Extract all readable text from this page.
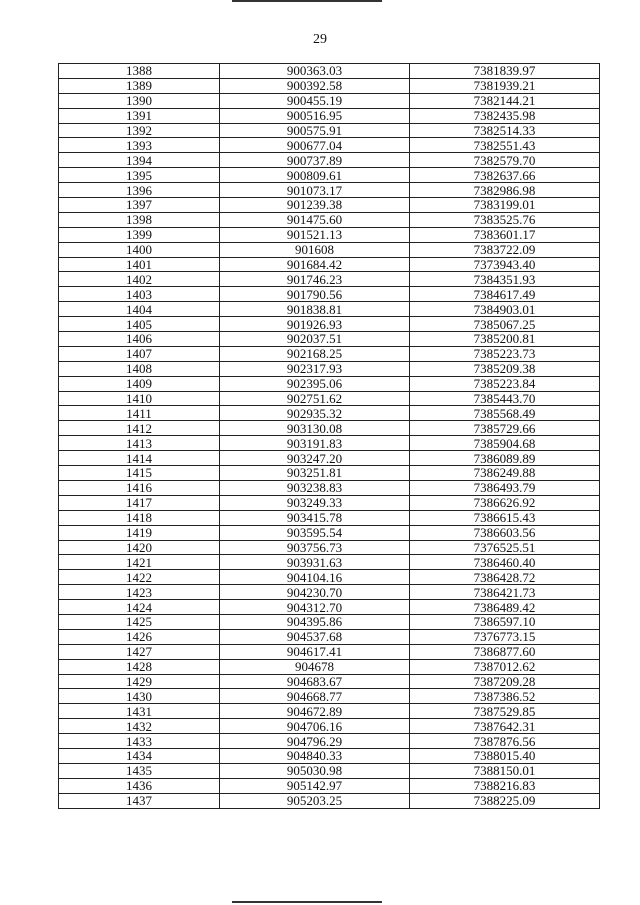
29
1388	900363.03	7381839.97
1389	900392.58	7381939.21
1390	900455.19	7382144.21
1391	900516.95	7382435.98
1392	900575.91	7382514.33
1393	900677.04	7382551.43
1394	900737.89	7382579.70
1395	900809.61	7382637.66
1396	901073.17	7382986.98
1397	901239.38	7383199.01
1398	901475.60	7383525.76
1399	901521.13	7383601.17
1400	901608	7383722.09
1401	901684.42	7373943.40
1402	901746.23	7384351.93
1403	901790.56	7384617.49
1404	901838.81	7384903.01
1405	901926.93	7385067.25
1406	902037.51	7385200.81
1407	902168.25	7385223.73
1408	902317.93	7385209.38
1409	902395.06	7385223.84
1410	902751.62	7385443.70
1411	902935.32	7385568.49
1412	903130.08	7385729.66
1413	903191.83	7385904.68
1414	903247.20	7386089.89
1415	903251.81	7386249.88
1416	903238.83	7386493.79
1417	903249.33	7386626.92
1418	903415.78	7386615.43
1419	903595.54	7386603.56
1420	903756.73	7376525.51
1421	903931.63	7386460.40
1422	904104.16	7386428.72
1423	904230.70	7386421.73
1424	904312.70	7386489.42
1425	904395.86	7386597.10
1426	904537.68	7376773.15
1427	904617.41	7386877.60
1428	904678	7387012.62
1429	904683.67	7387209.28
1430	904668.77	7387386.52
1431	904672.89	7387529.85
1432	904706.16	7387642.31
1433	904796.29	7387876.56
1434	904840.33	7388015.40
1435	905030.98	7388150.01
1436	905142.97	7388216.83
1437	905203.25	7388225.09
